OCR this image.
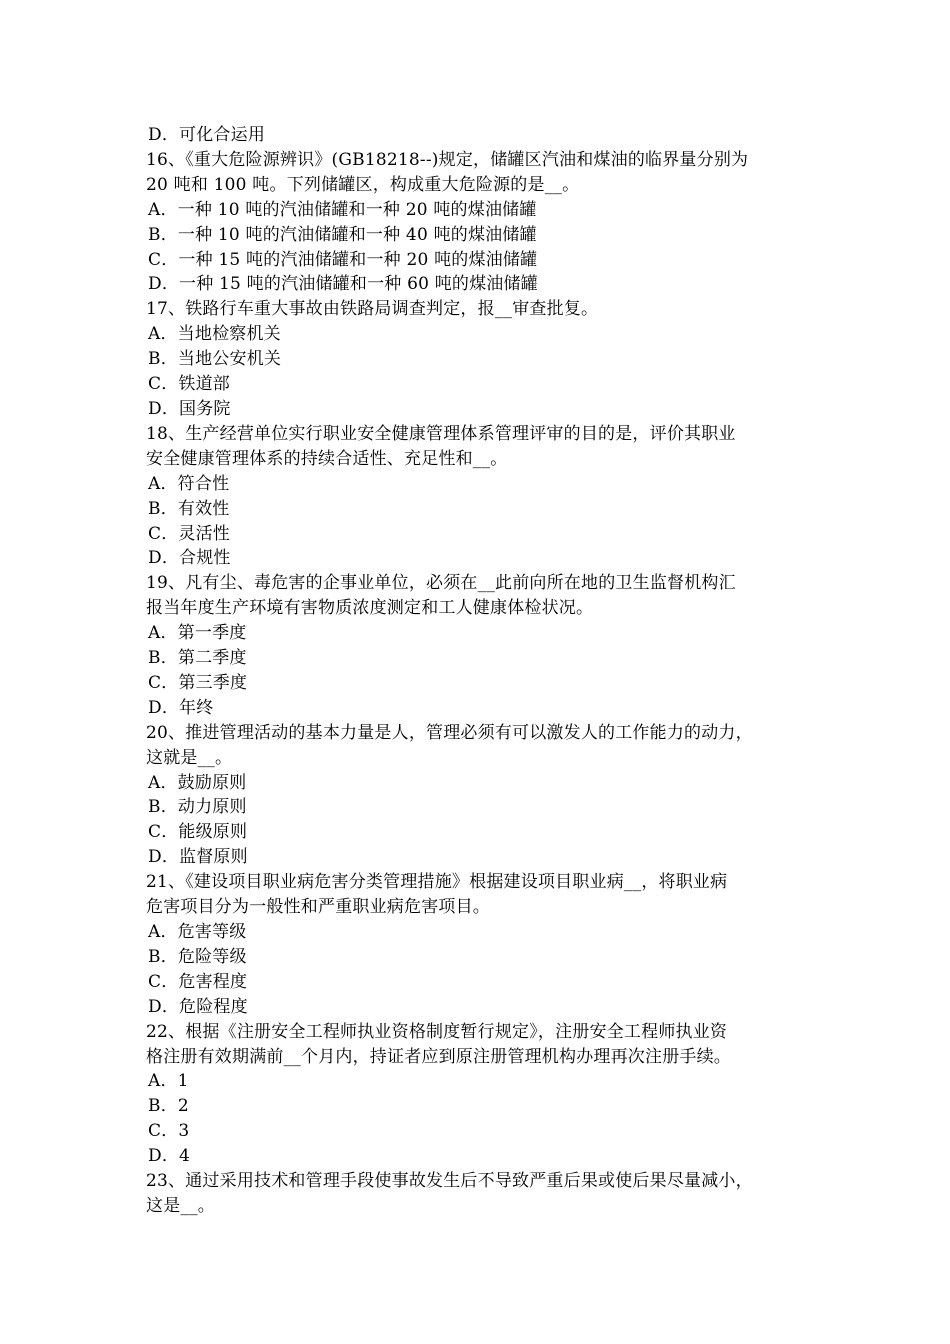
D．可化合运用
16、《重大危险源辨识》(GB18218--)规定，储罐区汽油和煤油的临界量分别为
20 吨和 100 吨。下列储罐区，构成重大危险源的是__。
A．一种 10 吨的汽油储罐和一种 20 吨的煤油储罐
B．一种 10 吨的汽油储罐和一种 40 吨的煤油储罐
C．一种 15 吨的汽油储罐和一种 20 吨的煤油储罐
D．一种 15 吨的汽油储罐和一种 60 吨的煤油储罐
17、铁路行车重大事故由铁路局调查判定，报__审查批复。
A．当地检察机关
B．当地公安机关
C．铁道部
D．国务院
18、生产经营单位实行职业安全健康管理体系管理评审的目的是，评价其职业
安全健康管理体系的持续合适性、充足性和__。
A．符合性
B．有效性
C．灵活性
D．合规性
19、凡有尘、毒危害的企事业单位，必须在__此前向所在地的卫生监督机构汇
报当年度生产环境有害物质浓度测定和工人健康体检状况。
A．第一季度
B．第二季度
C．第三季度
D．年终
20、推进管理活动的基本力量是人，管理必须有可以激发人的工作能力的动力，
这就是__。
A．鼓励原则
B．动力原则
C．能级原则
D．监督原则
21、《建设项目职业病危害分类管理措施》根据建设项目职业病__，将职业病
危害项目分为一般性和严重职业病危害项目。
A．危害等级
B．危险等级
C．危害程度
D．危险程度
22、根据《注册安全工程师执业资格制度暂行规定》，注册安全工程师执业资
格注册有效期满前__个月内，持证者应到原注册管理机构办理再次注册手续。
A．1
B．2
C．3
D．4
23、通过采用技术和管理手段使事故发生后不导致严重后果或使后果尽量减小，
这是__。
